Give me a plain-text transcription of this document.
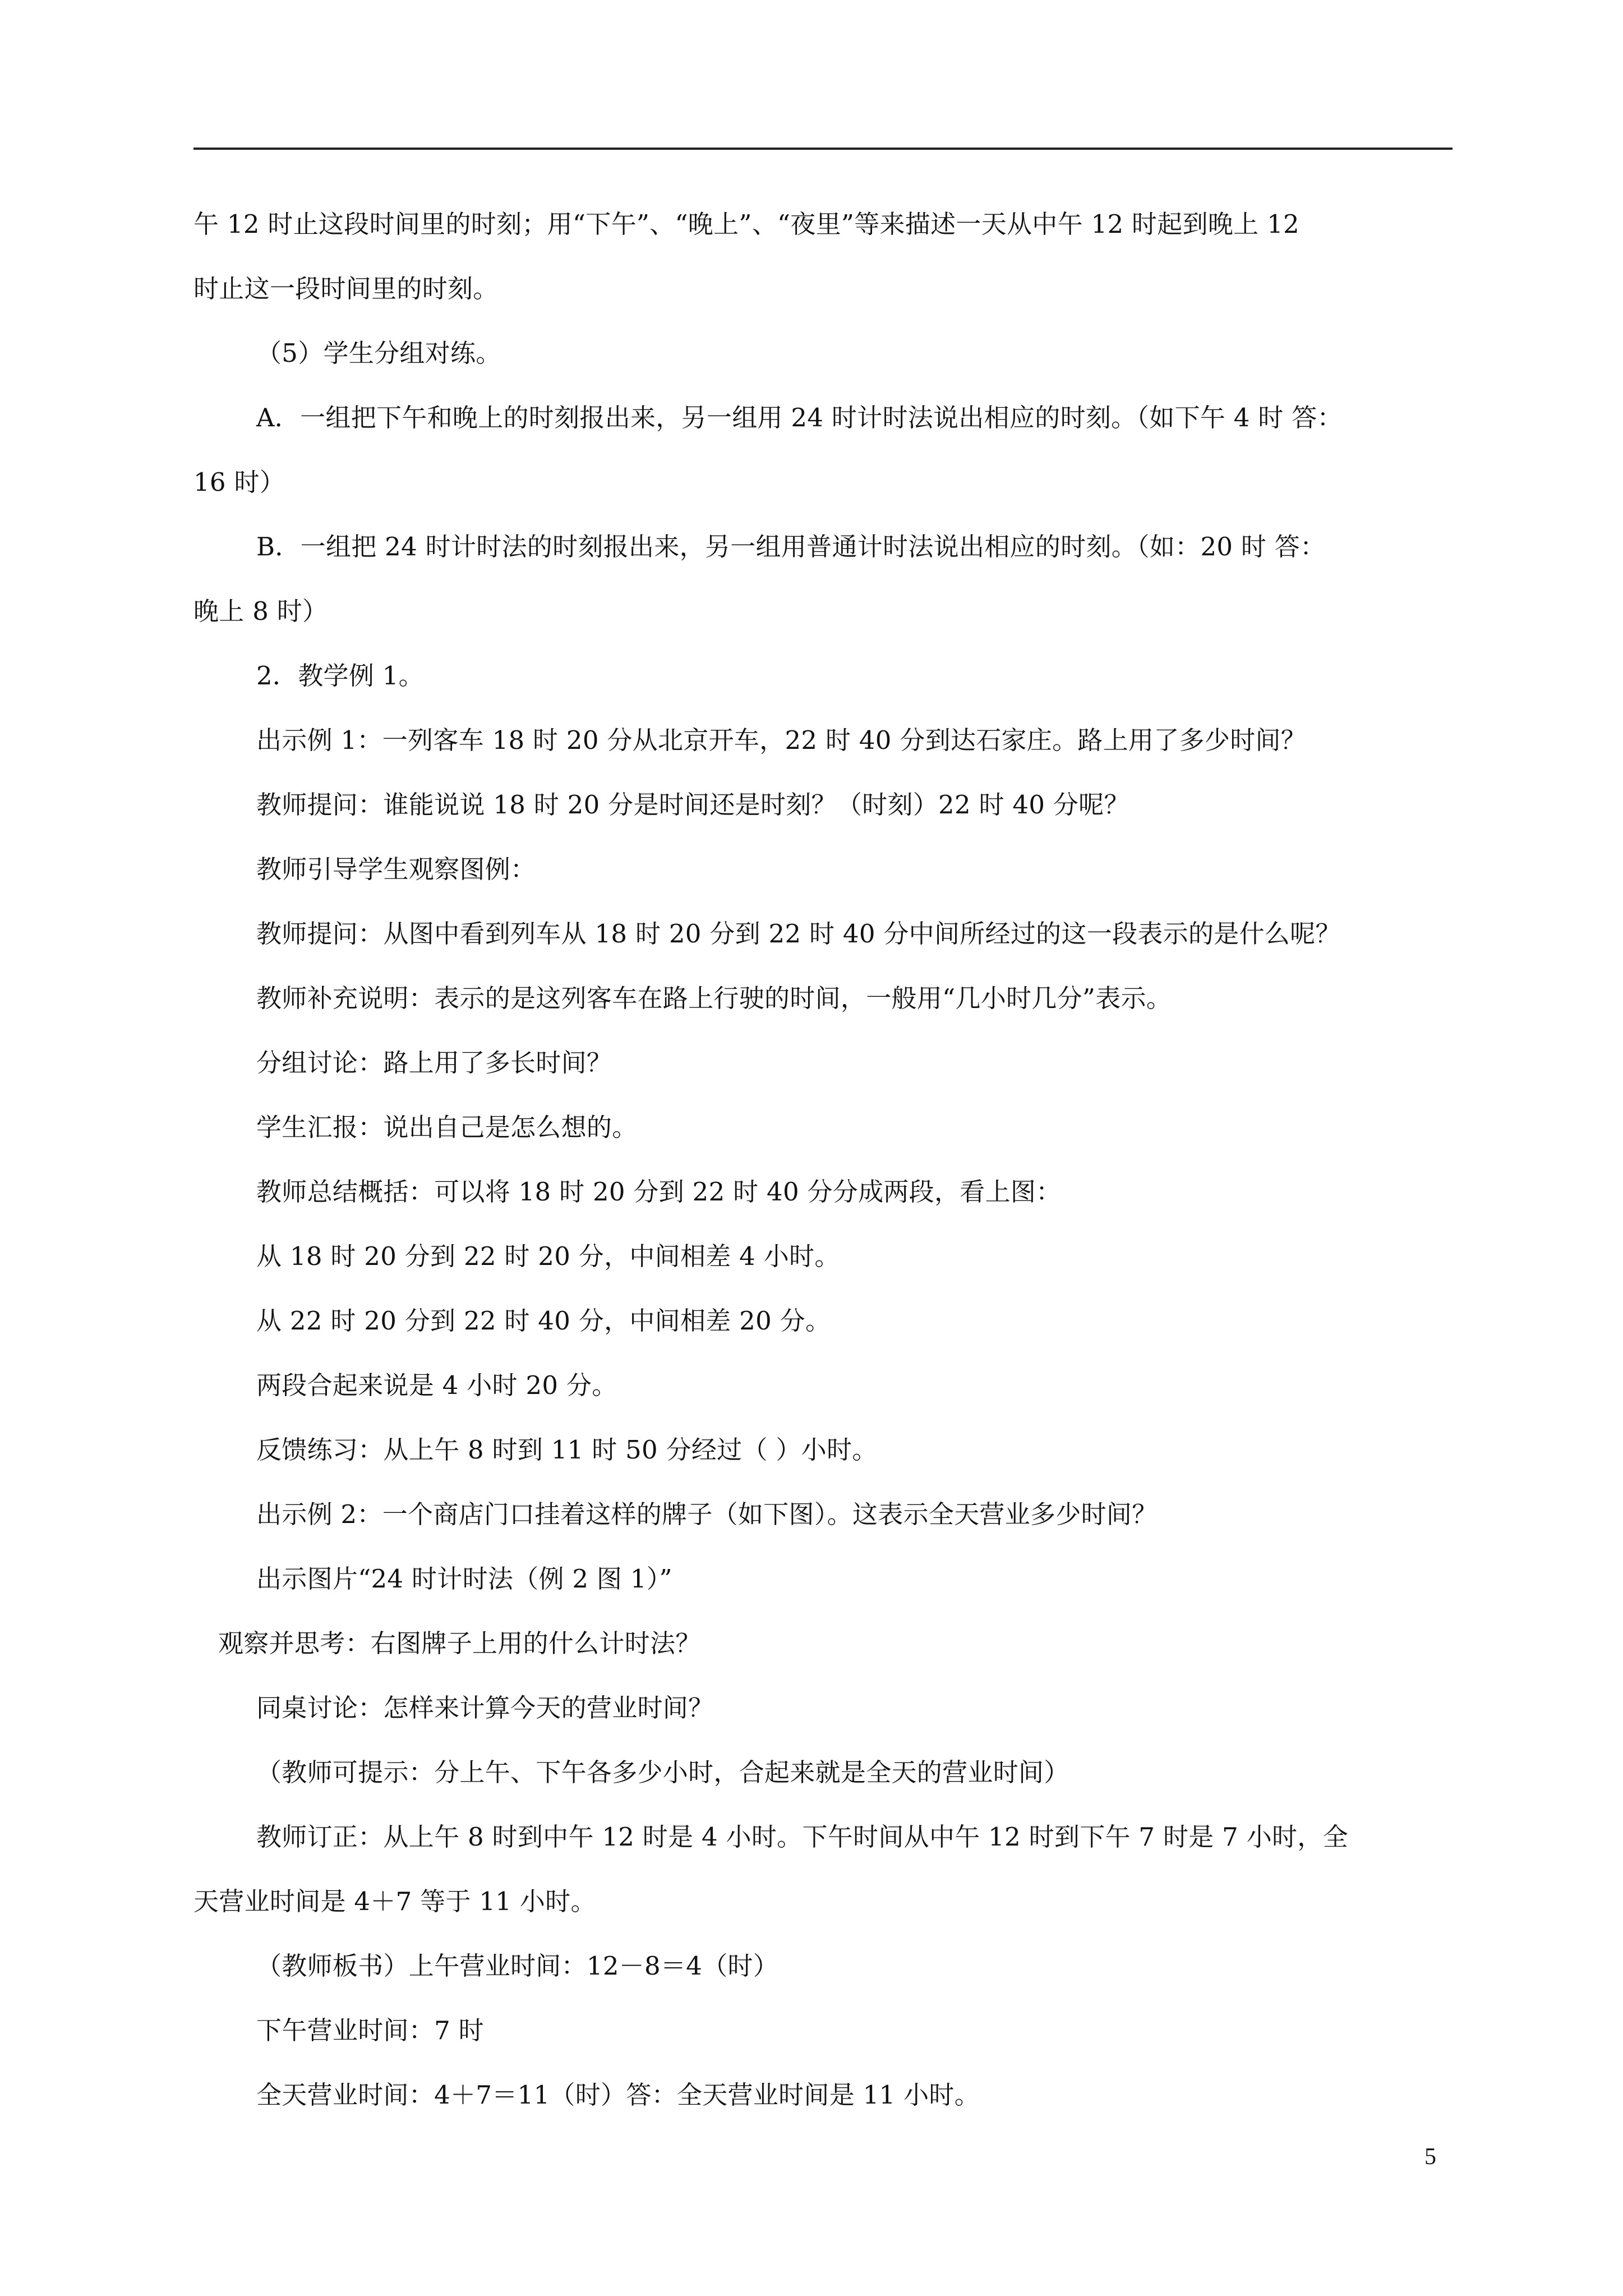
午 12 时止这段时间里的时刻；用“下午”、“晚上”、“夜里”等来描述一天从中午 12 时起到晚上 12
时止这一段时间里的时刻。
（5）学生分组对练。
A．一组把下午和晚上的时刻报出来，另一组用 24 时计时法说出相应的时刻。（如下午 4 时 答：
16 时）
B．一组把 24 时计时法的时刻报出来，另一组用普通计时法说出相应的时刻。（如：20 时 答：
晚上 8 时）
2．教学例 1。
出示例 1：一列客车 18 时 20 分从北京开车，22 时 40 分到达石家庄。路上用了多少时间？
教师提问：谁能说说 18 时 20 分是时间还是时刻？（时刻）22 时 40 分呢？
教师引导学生观察图例：
教师提问：从图中看到列车从 18 时 20 分到 22 时 40 分中间所经过的这一段表示的是什么呢？
教师补充说明：表示的是这列客车在路上行驶的时间，一般用“几小时几分”表示。
分组讨论：路上用了多长时间？
学生汇报：说出自己是怎么想的。
教师总结概括：可以将 18 时 20 分到 22 时 40 分分成两段，看上图：
从 18 时 20 分到 22 时 20 分，中间相差 4 小时。
从 22 时 20 分到 22 时 40 分，中间相差 20 分。
两段合起来说是 4 小时 20 分。
反馈练习：从上午 8 时到 11 时 50 分经过（ ）小时。
出示例 2：一个商店门口挂着这样的牌子（如下图）。这表示全天营业多少时间？
出示图片“24 时计时法（例 2 图 1）”
观察并思考：右图牌子上用的什么计时法？
同桌讨论：怎样来计算今天的营业时间？
（教师可提示：分上午、下午各多少小时，合起来就是全天的营业时间）
教师订正：从上午 8 时到中午 12 时是 4 小时。下午时间从中午 12 时到下午 7 时是 7 小时，全
天营业时间是 4＋7 等于 11 小时。
（教师板书）上午营业时间：12－8＝4（时）
下午营业时间：7 时
全天营业时间：4＋7＝11（时）答：全天营业时间是 11 小时。
5
